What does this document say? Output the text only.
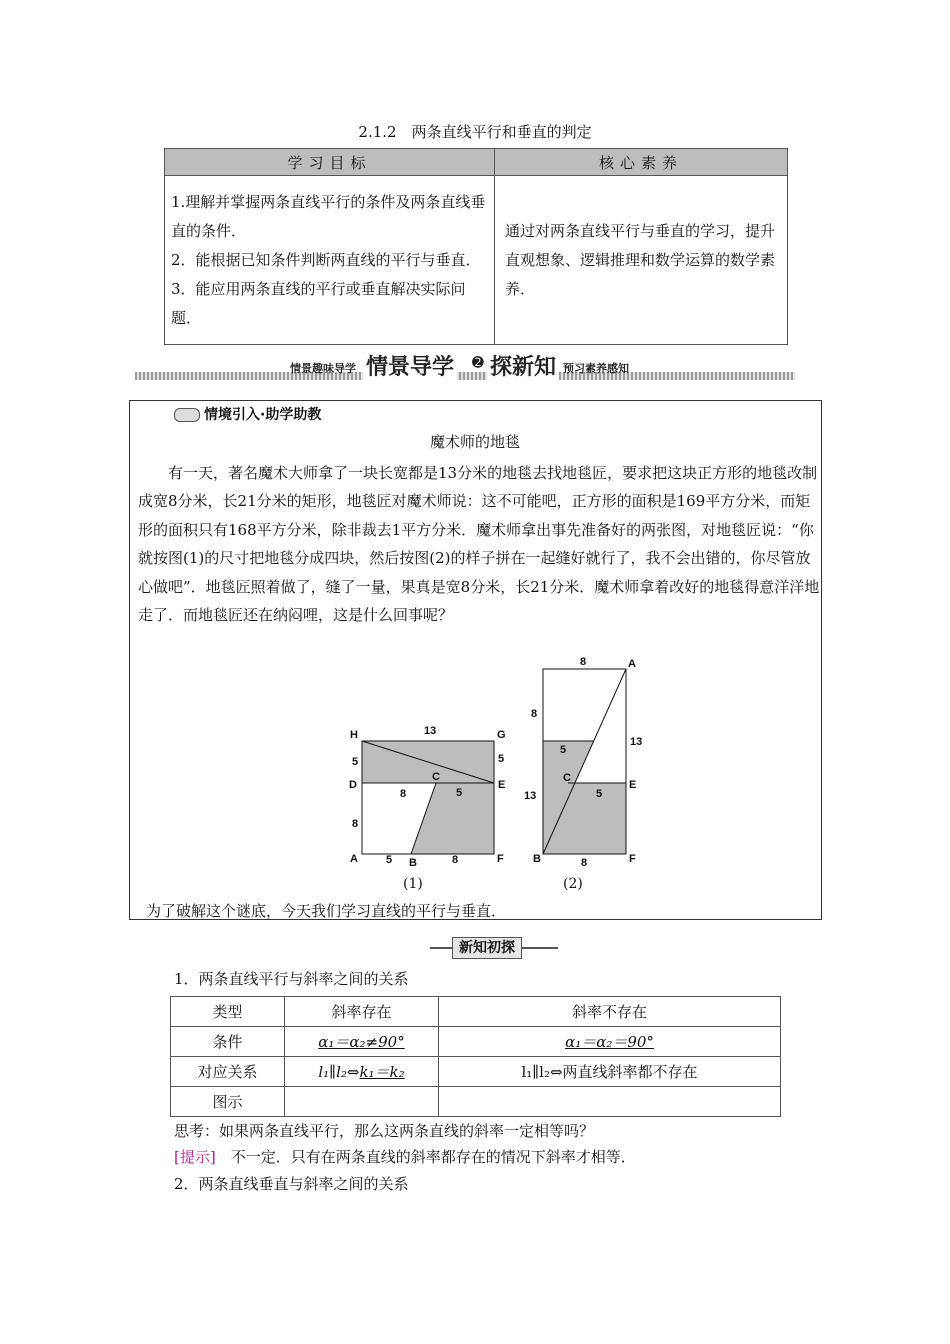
2.1.2　两条直线平行和垂直的判定
学习目标	核心素养

1.理解并掌握两条直线平行的条件及两条直线垂直的条件．
2．能根据已知条件判断两直线的平行与垂直．
3．能应用两条直线的平行或垂直解决实际问题．	通过对两条直线平行与垂直的学习，提升直观想象、逻辑推理和数学运算的数学素养．
情景趣味导学 情景导学 ➋ 探新知 预习素养感知
情境引入·助学助教
魔术师的地毯
有一天，著名魔术大师拿了一块长宽都是13分米的地毯去找地毯匠，要求把这块正方形的地毯改制成宽8分米，长21分米的矩形，地毯匠对魔术师说：这不可能吧，正方形的面积是169平方分米，而矩形的面积只有168平方分米，除非裁去1平方分米．魔术师拿出事先准备好的两张图，对地毯匠说：“你就按图(1)的尺寸把地毯分成四块，然后按图(2)的样子拼在一起缝好就行了，我不会出错的，你尽管放心做吧”．地毯匠照着做了，缝了一量，果真是宽8分米，长21分米．魔术师拿着改好的地毯得意洋洋地走了．而地毯匠还在纳闷哩，这是什么回事呢？
H	G
D	E
C
A	B	F
13
5	5
8	5
8
5	8
8	A
8
5
13
C
E
13	5
B	8	F
(1)	(2)
为了破解这个谜底，今天我们学习直线的平行与垂直．
新知初探
1．两条直线平行与斜率之间的关系
类型	斜率存在	斜率不存在
条件	α₁＝α₂≠90°	α₁＝α₂＝90°
对应关系	l₁∥l₂⇔k₁＝k₂	l₁∥l₂⇔两直线斜率都不存在
图示		
思考：如果两条直线平行，那么这两条直线的斜率一定相等吗？
[提示]　不一定．只有在两条直线的斜率都存在的情况下斜率才相等．
2．两条直线垂直与斜率之间的关系
